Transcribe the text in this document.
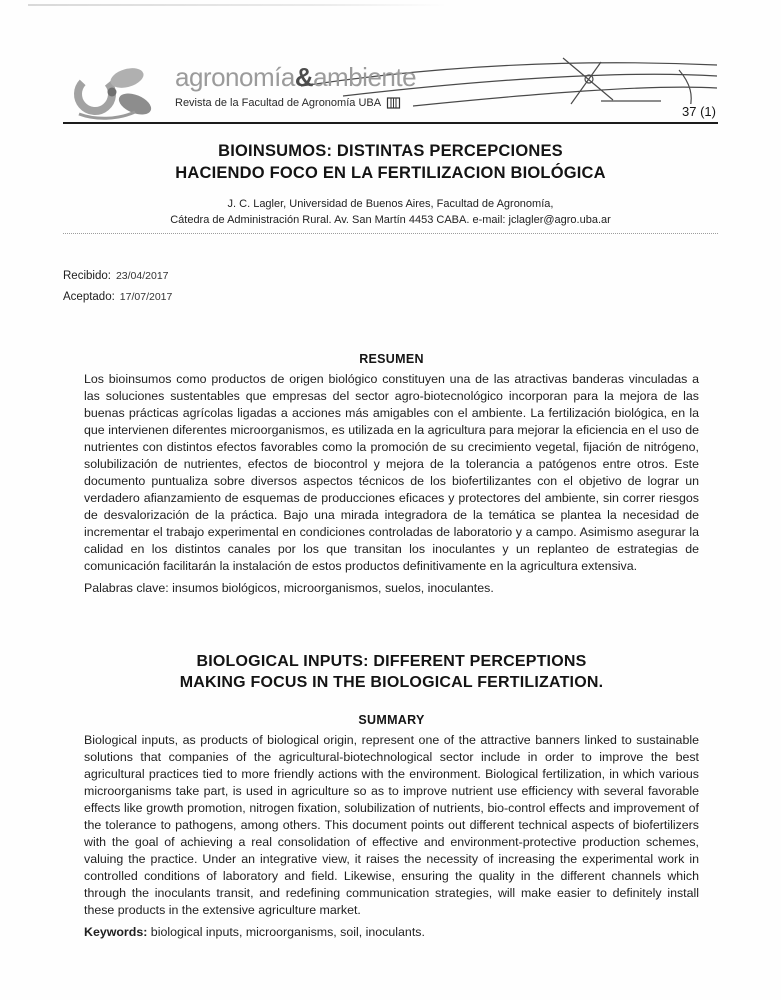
agronomía&ambiente
Revista de la Facultad de Agronomía UBA
37 (1)
BIOINSUMOS: DISTINTAS PERCEPCIONES
HACIENDO FOCO EN LA FERTILIZACION BIOLÓGICA
J. C. Lagler, Universidad de Buenos Aires, Facultad de Agronomía,
Cátedra de Administración Rural. Av. San Martín 4453 CABA. e-mail: jclagler@agro.uba.ar
Recibido: 23/04/2017
Aceptado: 17/07/2017
RESUMEN

Los bioinsumos como productos de origen biológico constituyen una de las atractivas banderas vinculadas a las soluciones sustentables que empresas del sector agro-biotecnológico incorporan para la mejora de las buenas prácticas agrícolas ligadas a acciones más amigables con el ambiente. La fertilización biológica, en la que intervienen diferentes microorganismos, es utilizada en la agricultura para mejorar la eficiencia en el uso de nutrientes con distintos efectos favorables como la promoción de su crecimiento vegetal, fijación de nitrógeno, solubilización de nutrientes, efectos de biocontrol y mejora de la tolerancia a patógenos entre otros. Este documento puntualiza sobre diversos aspectos técnicos de los biofertilizantes con el objetivo de lograr un verdadero afianzamiento de esquemas de producciones eficaces y protectores del ambiente, sin correr riesgos de desvalorización de la práctica. Bajo una mirada integradora de la temática se plantea la necesidad de incrementar el trabajo experimental en condiciones controladas de laboratorio y a campo. Asimismo asegurar la calidad en los distintos canales por los que transitan los inoculantes y un replanteo de estrategias de comunicación facilitarán la instalación de estos productos definitivamente en la agricultura extensiva.

Palabras clave: insumos biológicos, microorganismos, suelos, inoculantes.

BIOLOGICAL INPUTS: DIFFERENT PERCEPTIONS
MAKING FOCUS IN THE BIOLOGICAL FERTILIZATION.
SUMMARY

Biological inputs, as products of biological origin, represent one of the attractive banners linked to sustainable solutions that companies of the agricultural-biotechnological sector include in order to improve the best agricultural practices tied to more friendly actions with the environment. Biological fertilization, in which various microorganisms take part, is used in agriculture so as to improve nutrient use efficiency with several favorable effects like growth promotion, nitrogen fixation, solubilization of nutrients, bio-control effects and improvement of the tolerance to pathogens, among others. This document points out different technical aspects of biofertilizers with the goal of achieving a real consolidation of effective and environment-protective production schemes, valuing the practice. Under an integrative view, it raises the necessity of increasing the experimental work in controlled conditions of laboratory and field. Likewise, ensuring the quality in the different channels which through the inoculants transit, and redefining communication strategies, will make easier to definitely install these products in the extensive agriculture market.

Keywords: biological inputs, microorganisms, soil, inoculants.
